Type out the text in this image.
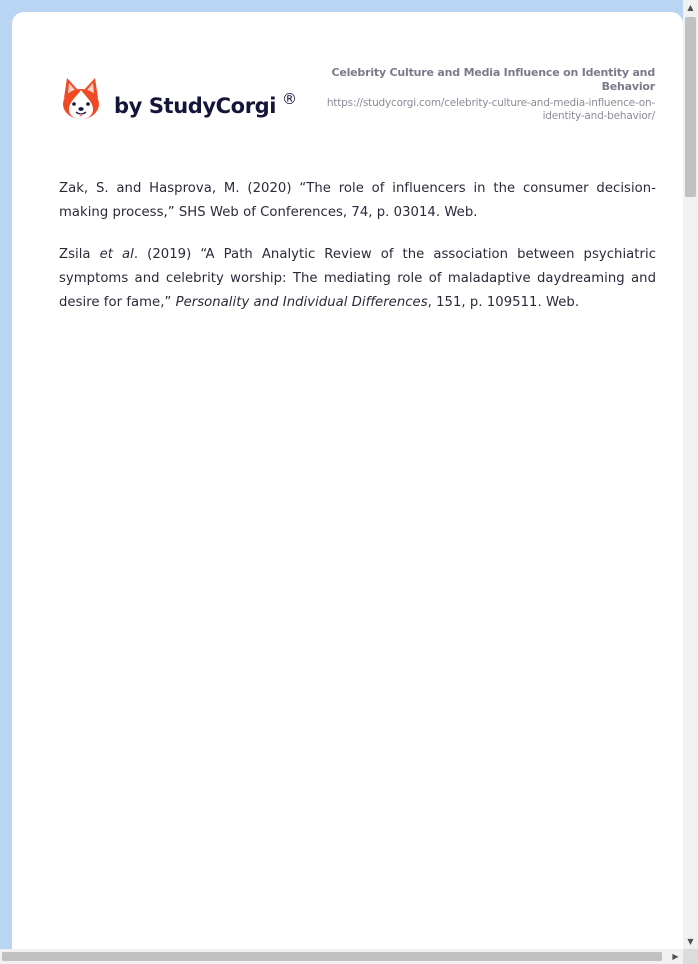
by StudyCorgi ®
Celebrity Culture and Media Influence on Identity and Behavior
https://studycorgi.com/celebrity-culture-and-media-influence-on-identity-and-behavior/

Zak, S. and Hasprova, M. (2020) “The role of influencers in the consumer decision-making process,” SHS Web of Conferences, 74, p. 03014. Web.

Zsila et al. (2019) “A Path Analytic Review of the association between psychiatric symptoms and celebrity worship: The mediating role of maladaptive daydreaming and desire for fame,” Personality and Individual Differences, 151, p. 109511. Web.

▲
▼
▶
